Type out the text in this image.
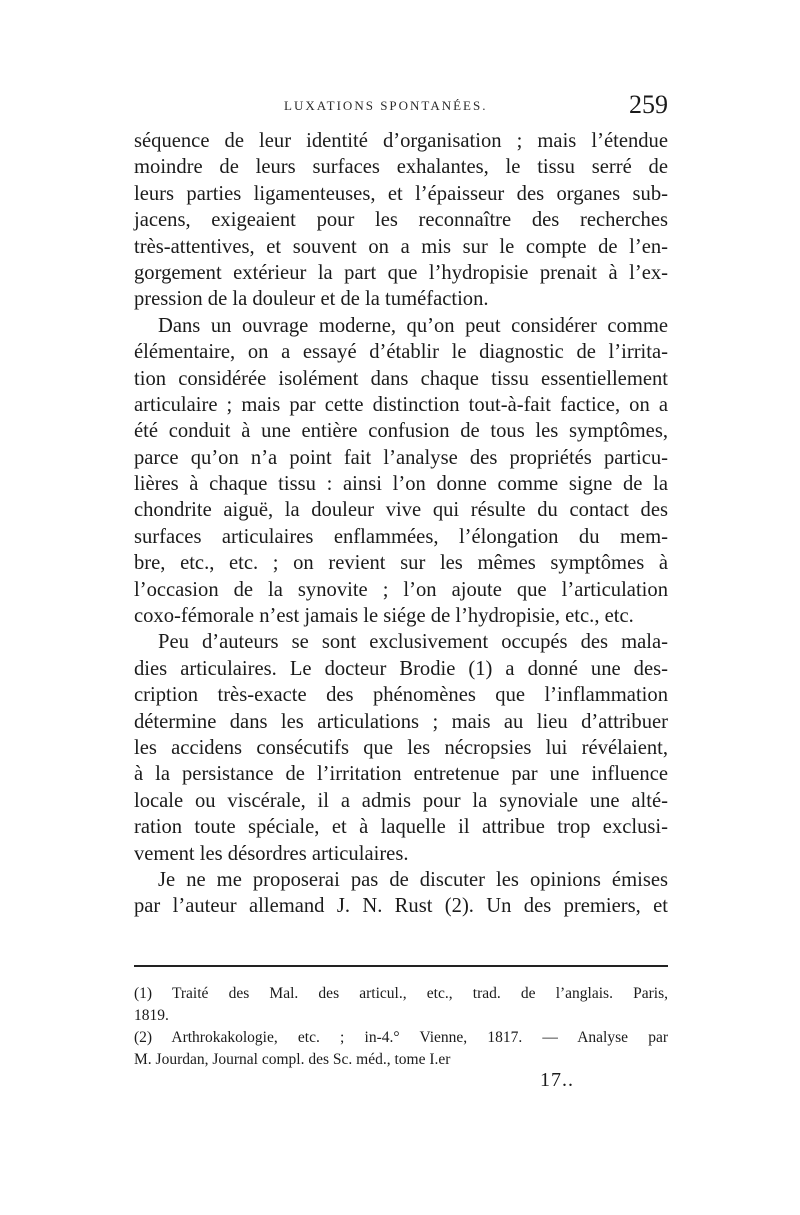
LUXATIONS SPONTANÉES.	259
séquence de leur identité d’organisation ; mais l’étendue
moindre de leurs surfaces exhalantes, le tissu serré de
leurs parties ligamenteuses, et l’épaisseur des organes sub-
jacens, exigeaient pour les reconnaître des recherches
très-attentives, et souvent on a mis sur le compte de l’en-
gorgement extérieur la part que l’hydropisie prenait à l’ex-
pression de la douleur et de la tuméfaction.
Dans un ouvrage moderne, qu’on peut considérer comme
élémentaire, on a essayé d’établir le diagnostic de l’irrita-
tion considérée isolément dans chaque tissu essentiellement
articulaire ; mais par cette distinction tout-à-fait factice, on a
été conduit à une entière confusion de tous les symptômes,
parce qu’on n’a point fait l’analyse des propriétés particu-
lières à chaque tissu : ainsi l’on donne comme signe de la
chondrite aiguë, la douleur vive qui résulte du contact des
surfaces articulaires enflammées, l’élongation du mem-
bre, etc., etc. ; on revient sur les mêmes symptômes à
l’occasion de la synovite ; l’on ajoute que l’articulation
coxo-fémorale n’est jamais le siége de l’hydropisie, etc., etc.
Peu d’auteurs se sont exclusivement occupés des mala-
dies articulaires. Le docteur Brodie (1) a donné une des-
cription très-exacte des phénomènes que l’inflammation
détermine dans les articulations ; mais au lieu d’attribuer
les accidens consécutifs que les nécropsies lui révélaient,
à la persistance de l’irritation entretenue par une influence
locale ou viscérale, il a admis pour la synoviale une alté-
ration toute spéciale, et à laquelle il attribue trop exclusi-
vement les désordres articulaires.
Je ne me proposerai pas de discuter les opinions émises
par l’auteur allemand J. N. Rust (2). Un des premiers, et
(1) Traité des Mal. des articul., etc., trad. de l’anglais. Paris,
1819.
(2) Arthrokakologie, etc. ; in-4.° Vienne, 1817. — Analyse par
M. Jourdan, Journal compl. des Sc. méd., tome I.er
17..
